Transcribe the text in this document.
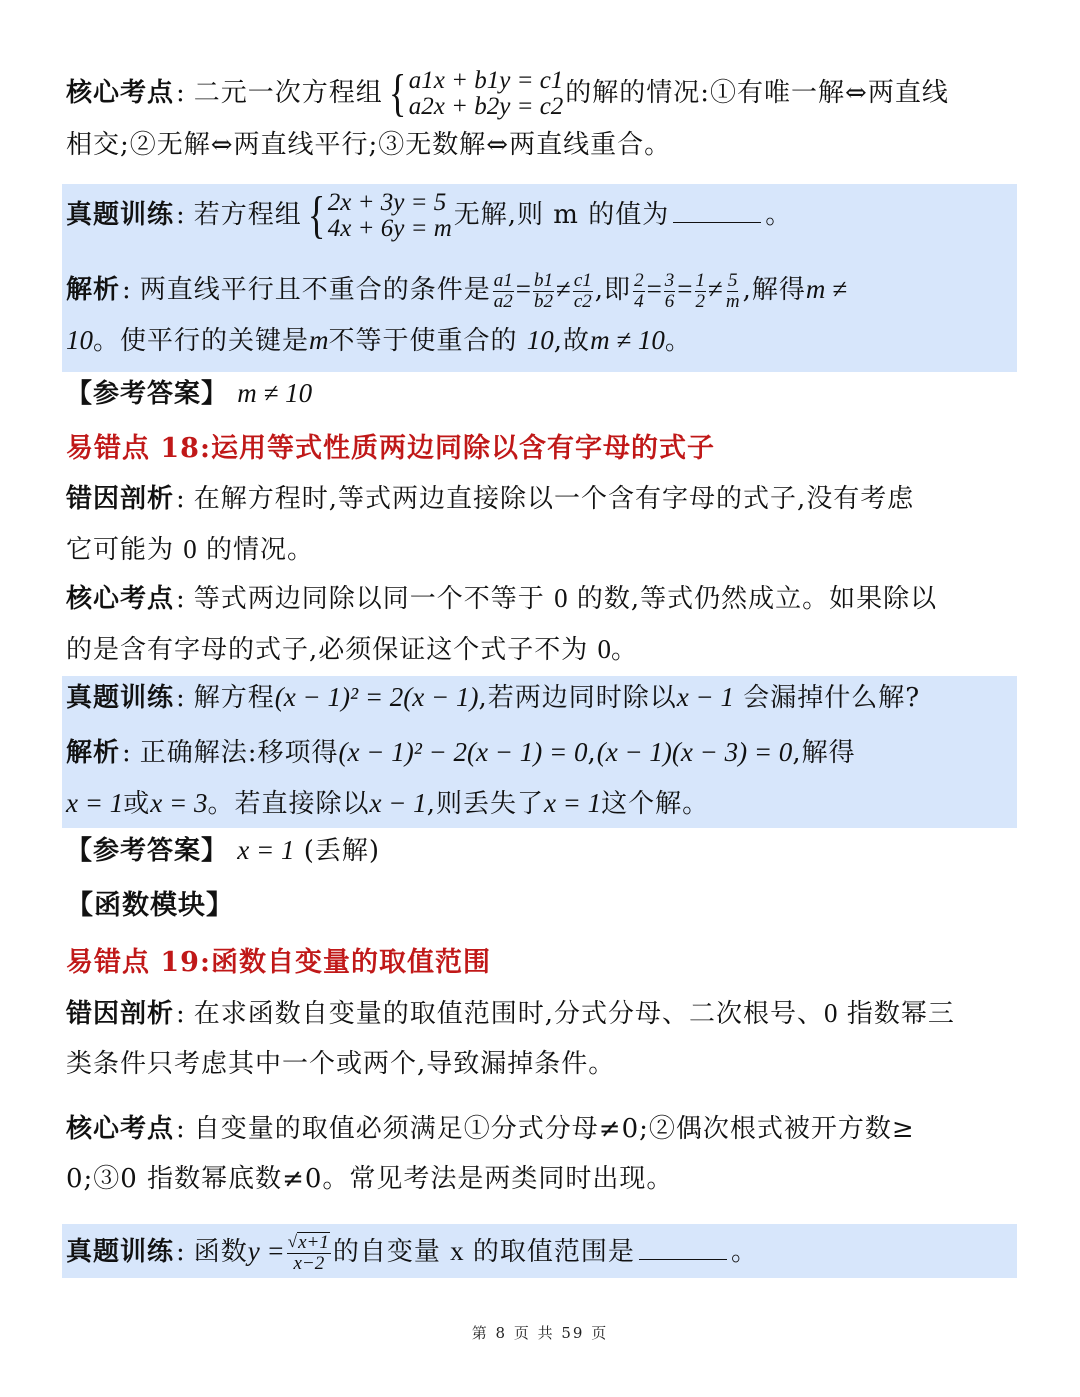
核心考点: 二元一次方程组 { a1x + b1y = c1
a2x + b2y = c2 的解的情况:①有唯一解⇔两直线
相交;②无解⇔两直线平行;③无数解⇔两直线重合。
真题训练: 若方程组 { 2x + 3y = 5
4x + 6y = m 无解,则 m 的值为	。
解析: 两直线平行且不重合的条件是 $\frac{a1}{a2} = \frac{b1}{b2} \ne \frac{c1}{c2}$ ,即 $\frac{2}{4} = \frac{3}{6} = \frac{1}{2} \ne \frac{5}{m}$ ,解得m ≠
10。使平行的关键是m不等于使重合的 10,故m ≠ 10。
【参考答案】 m ≠ 10
易错点 18:运用等式性质两边同除以含有字母的式子
错因剖析: 在解方程时,等式两边直接除以一个含有字母的式子,没有考虑
它可能为 0 的情况。
核心考点: 等式两边同除以同一个不等于 0 的数,等式仍然成立。如果除以
的是含有字母的式子,必须保证这个式子不为 0。
真题训练: 解方程(x − 1)² = 2(x − 1),若两边同时除以x − 1 会漏掉什么解?
解析: 正确解法:移项得(x − 1)² − 2(x − 1) = 0,(x − 1)(x − 3) = 0,解得
x = 1或x = 3。若直接除以x − 1,则丢失了x = 1这个解。
【参考答案】 x = 1 (丢解)
【函数模块】
易错点 19:函数自变量的取值范围
错因剖析: 在求函数自变量的取值范围时,分式分母、二次根号、0 指数幂三
类条件只考虑其中一个或两个,导致漏掉条件。
核心考点: 自变量的取值必须满足①分式分母≠0;②偶次根式被开方数≥
0;③0 指数幂底数≠0。常见考法是两类同时出现。
真题训练: 函数$y = \frac{√ x+1}{x-2}$ 的自变量 x 的取值范围是	。
第 8 页 共 59 页
